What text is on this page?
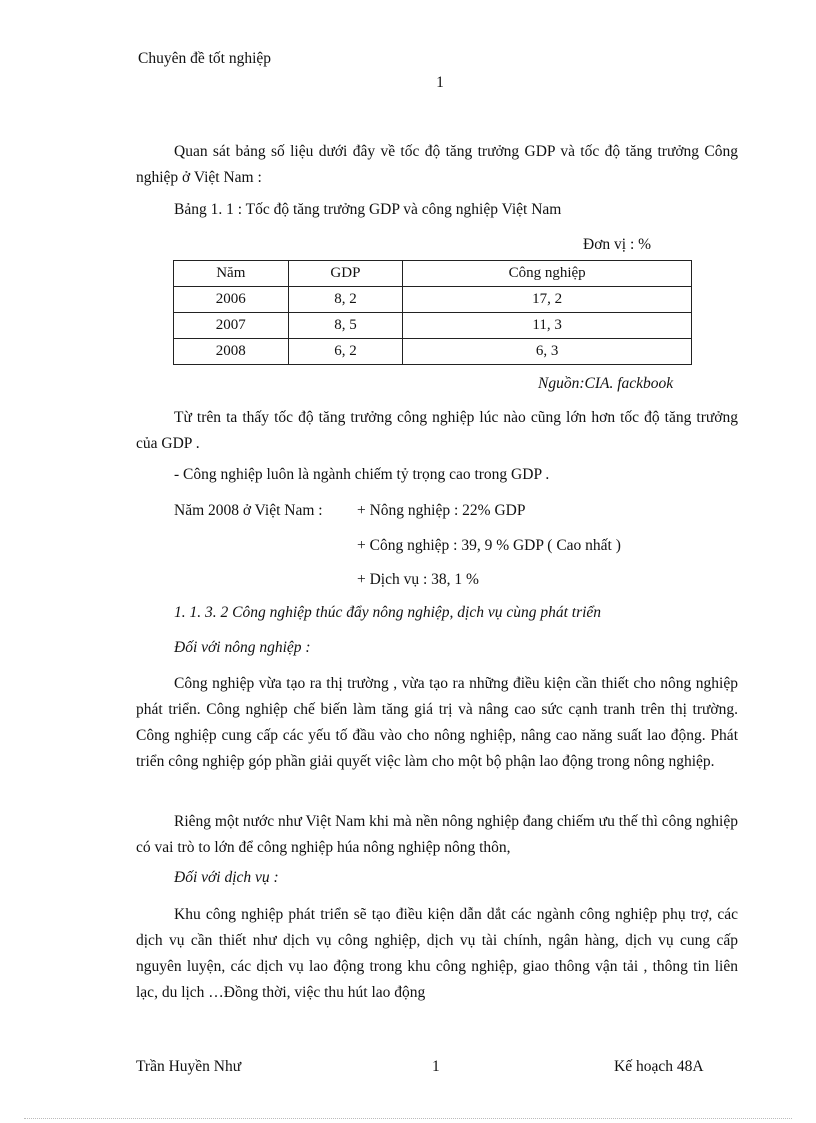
Chuyên đề tốt nghiệp
1
Quan sát bảng số liệu dưới đây về tốc độ tăng trưởng GDP và tốc độ tăng trưởng Công nghiệp ở Việt Nam :
Bảng 1. 1 : Tốc độ tăng trưởng GDP và công nghiệp Việt Nam
Đơn vị : %
Năm	GDP	Công nghiệp
2006	8, 2	17, 2
2007	8, 5	11, 3
2008	6, 2	6, 3
Nguồn:CIA. fackbook
Từ trên ta thấy tốc độ tăng trưởng công nghiệp lúc nào cũng lớn hơn tốc độ tăng trưởng của GDP .
- Công nghiệp luôn là ngành chiếm tỷ trọng cao trong GDP .
Năm 2008 ở Việt Nam : + Nông nghiệp : 22% GDP
+ Công nghiệp : 39, 9 % GDP ( Cao nhất )
+ Dịch vụ : 38, 1 %
1. 1. 3. 2 Công nghiệp thúc đẩy nông nghiệp, dịch vụ cùng phát triển
Đối với nông nghiệp :
Công nghiệp vừa tạo ra thị trường , vừa tạo ra những điều kiện cần thiết cho nông nghiệp phát triển. Công nghiệp chế biến làm tăng giá trị và nâng cao sức cạnh tranh trên thị trường. Công nghiệp cung cấp các yếu tố đầu vào cho nông nghiệp, nâng cao năng suất lao động. Phát triển công nghiệp góp phần giải quyết việc làm cho một bộ phận lao động trong nông nghiệp.
Riêng một nước như Việt Nam khi mà nền nông nghiệp đang chiếm ưu thế thì công nghiệp có vai trò to lớn để công nghiệp húa nông nghiệp nông thôn,
Đối với dịch vụ :
Khu công nghiệp phát triển sẽ tạo điều kiện dẫn dắt các ngành công nghiệp phụ trợ, các dịch vụ cần thiết như dịch vụ công nghiệp, dịch vụ tài chính, ngân hàng, dịch vụ cung cấp nguyên luyện, các dịch vụ lao động trong khu công nghiệp, giao thông vận tải , thông tin liên lạc, du lịch …Đồng thời, việc thu hút lao động
Trần Huyền Như	1	Kế hoạch 48A
